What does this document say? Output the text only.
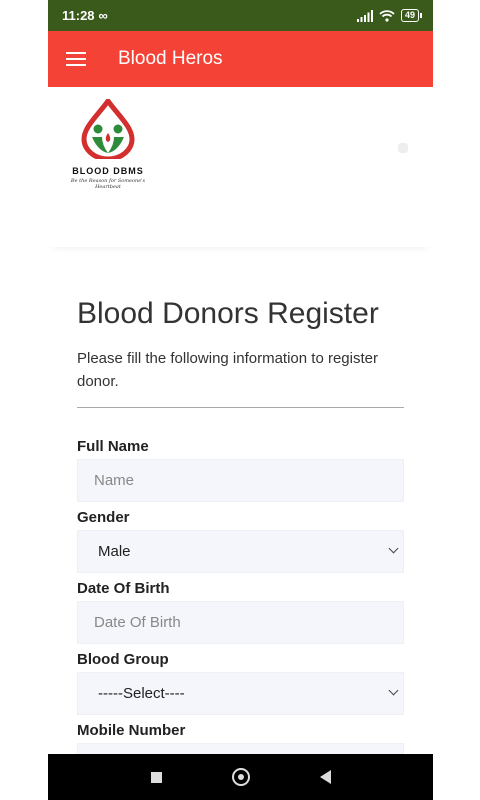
11:28 ∞	49
Blood Heros
BLOOD DBMS
Be the Reason for Someone's Heartbeat
Blood Donors Register

Please fill the following information to register donor.

Full Name
Name
Gender
Male
Date Of Birth
Date Of Birth
Blood Group
-----Select----
Mobile Number
